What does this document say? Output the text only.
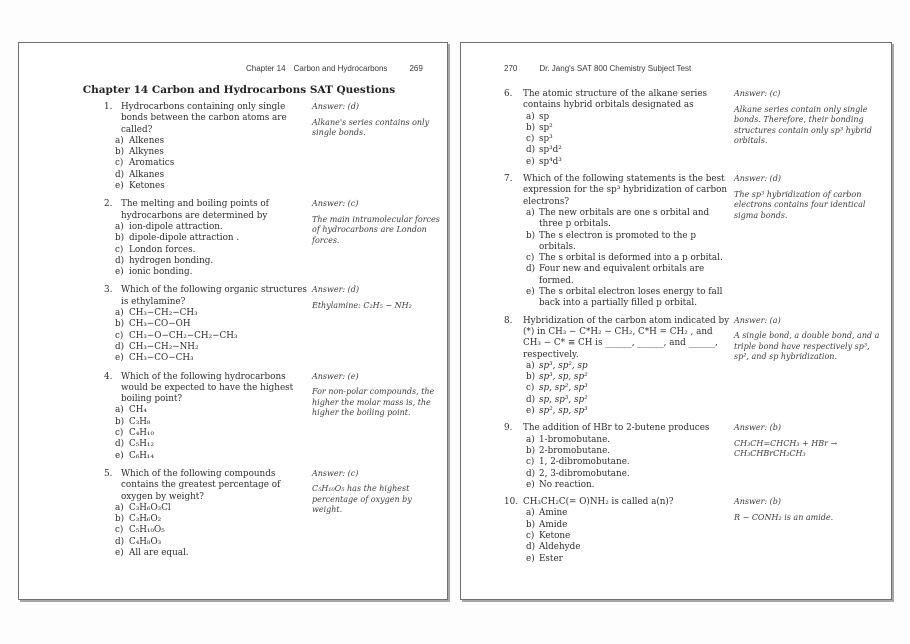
Chapter 14 Carbon and Hydrocarbons	269
Chapter 14 Carbon and Hydrocarbons SAT Questions
1. Hydrocarbons containing only single bonds between the carbon atoms are called?
a) Alkenes
b) Alkynes
c) Aromatics
d) Alkanes
e) Ketones
Answer: (d)
Alkane's series contains only single bonds.
2. The melting and boiling points of hydrocarbons are determined by
a) ion-dipole attraction.
b) dipole-dipole attraction .
c) London forces.
d) hydrogen bonding.
e) ionic bonding.
Answer: (c)
The main intramolecular forces of hydrocarbons are London forces.
3. Which of the following organic structures is ethylamine?
a) CH₃−CH₂−CH₃
b) CH₃−CO−OH
c) CH₃−O−CH₂−CH₂−CH₃
d) CH₃−CH₂−NH₂
e) CH₃−CO−CH₃
Answer: (d)
Ethylamine: C₂H₅ − NH₂
4. Which of the following hydrocarbons would be expected to have the highest boiling point?
a) CH₄
b) C₃H₈
c) C₄H₁₀
d) C₅H₁₂
e) C₆H₁₄
Answer: (e)
For non-polar compounds, the higher the molar mass is, the higher the boiling point.
5. Which of the following compounds contains the greatest percentage of oxygen by weight?
a) C₃H₆O₃Cl
b) C₃H₆O₂
c) C₅H₁₀O₅
d) C₄H₈O₃
e) All are equal.
Answer: (c)
C₅H₁₀O₅ has the highest percentage of oxygen by weight.
270	Dr. Jang's SAT 800 Chemistry Subject Test
6.	The atomic structure of the alkane series contains hybrid orbitals designated as
a) sp
b) sp²
c) sp³
d) sp³d²
e) sp⁴d³
Answer: (c)
Alkane series contain only single bonds. Therefore, their bonding structures contain only sp³ hybrid orbitals.
7.	Which of the following statements is the best expression for the sp³ hybridization of carbon electrons?
a) The new orbitals are one s orbital and three p orbitals.
b) The s electron is promoted to the p orbitals.
c) The s orbital is deformed into a p orbital.
d) Four new and equivalent orbitals are formed.
e) The s orbital electron loses energy to fall back into a partially filled p orbital.
Answer: (d)
The sp³ hybridization of carbon electrons contains four identical sigma bonds.
8.	Hybridization of the carbon atom indicated by (*) in CH₃ − C*H₂ − CH₂, C*H = CH₂ , and CH₃ − C* ≡ CH is ______, ______, and ______, respectively.
a) sp³, sp², sp
b) sp³, sp, sp²
c) sp, sp², sp³
d) sp, sp³, sp²
e) sp², sp, sp³
Answer: (a)
A single bond, a double bond, and a triple bond have respectively sp³, sp², and sp hybridization.
9.	The addition of HBr to 2-butene produces
a) 1-bromobutane.
b) 2-bromobutane.
c) 1, 2-dibromobutane.
d) 2, 3-dibromobutane.
e) No reaction.
Answer: (b)
CH₃CH=CHCH₃ + HBr → CH₃CHBrCH₂CH₃
10. CH₃CH₂C(= O)NH₂ is called a(n)?
a) Amine
b) Amide
c) Ketone
d) Aldehyde
e) Ester
Answer: (b)
R − CONH₂ is an amide.
